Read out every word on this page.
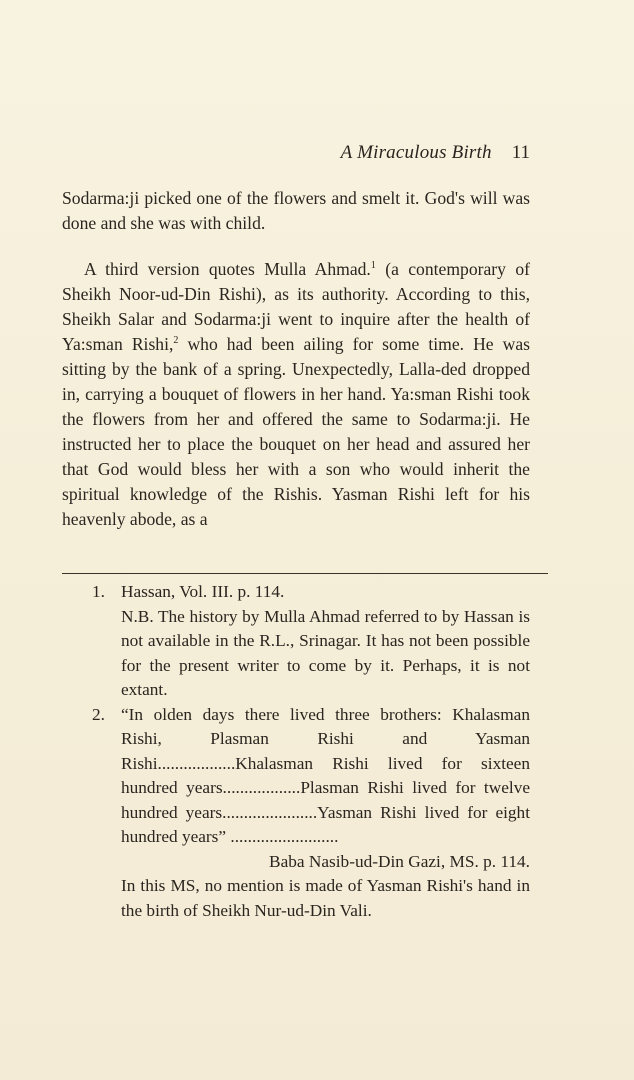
A Miraculous Birth 11

Sodarma:ji picked one of the flowers and smelt it. God's will was done and she was with child.

A third version quotes Mulla Ahmad.$^1$ (a contemporary of Sheikh Noor-ud-Din Rishi), as its authority. According to this, Sheikh Salar and Sodarma:ji went to inquire after the health of Ya:sman Rishi,$^2$ who had been ailing for some time. He was sitting by the bank of a spring. Unexpectedly, Lalla-ded dropped in, carrying a bouquet of flowers in her hand. Ya:sman Rishi took the flowers from her and offered the same to Sodarma:ji. He instructed her to place the bouquet on her head and assured her that God would bless her with a son who would inherit the spiritual knowledge of the Rishis. Yasman Rishi left for his heavenly abode, as a

1. Hassan, Vol. III. p. 114.
N.B. The history by Mulla Ahmad referred to by Hassan is not available in the R.L., Srinagar. It has not been possible for the present writer to come by it. Perhaps, it is not extant.
2. “In olden days there lived three brothers: Khalasman Rishi, Plasman Rishi and Yasman Rishi..................Khalasman Rishi lived for sixteen hundred years..................Plasman Rishi lived for twelve hundred years......................Yasman Rishi lived for eight hundred years” .........................
Baba Nasib-ud-Din Gazi, MS. p. 114.
In this MS, no mention is made of Yasman Rishi's hand in the birth of Sheikh Nur-ud-Din Vali.
